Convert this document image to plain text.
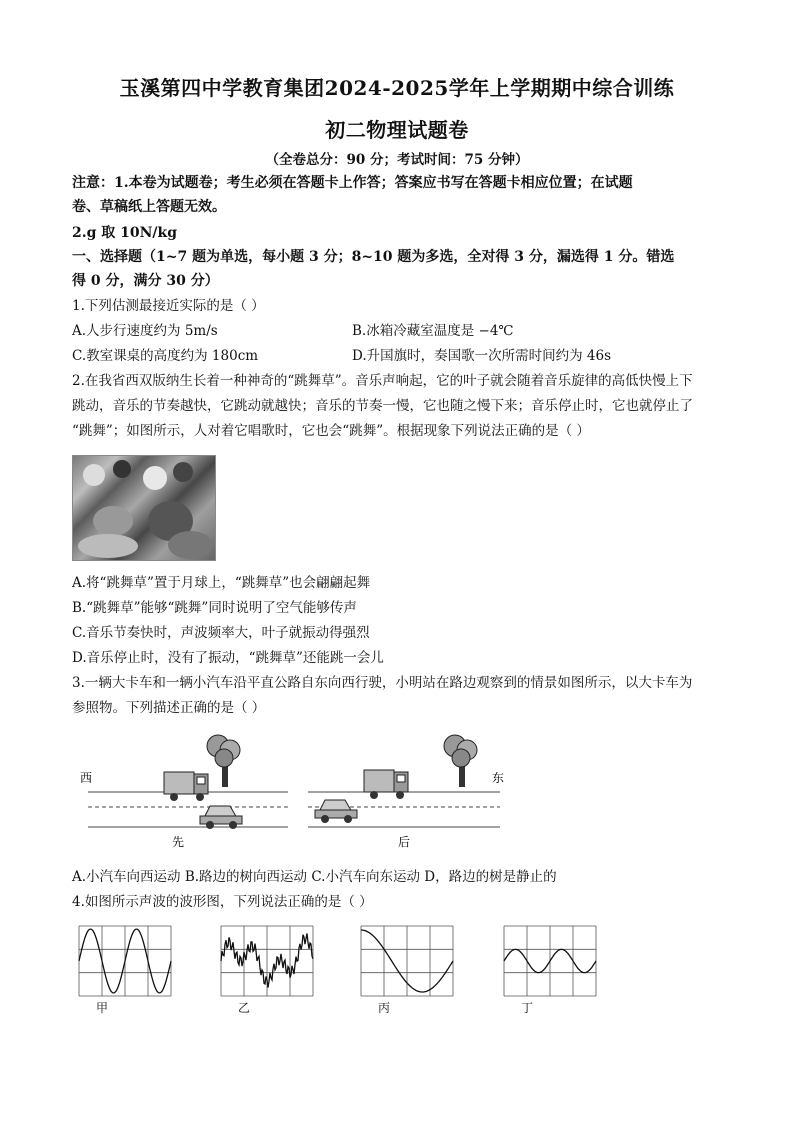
玉溪第四中学教育集团2024-2025学年上学期期中综合训练
初二物理试题卷
（全卷总分：90 分；考试时间：75 分钟）
注意：1.本卷为试题卷；考生必须在答题卡上作答；答案应书写在答题卡相应位置；在试题
卷、草稿纸上答题无效。
2.g 取 10N/kg
一、选择题（1~7 题为单选，每小题 3 分；8~10 题为多选，全对得 3 分，漏选得 1 分。错选
得 0 分，满分 30 分）
1.下列估测最接近实际的是（ ）
A.人步行速度约为 5m/s	B.冰箱冷藏室温度是 −4℃
C.教室课桌的高度约为 180cm	D.升国旗时，奏国歌一次所需时间约为 46s
2.在我省西双版纳生长着一种神奇的“跳舞草”。音乐声响起，它的叶子就会随着音乐旋律的高低快慢上下
跳动，音乐的节奏越快，它跳动就越快；音乐的节奏一慢，它也随之慢下来；音乐停止时，它也就停止了
“跳舞”；如图所示，人对着它唱歌时，它也会“跳舞”。根据现象下列说法正确的是（ ）
A.将“跳舞草”置于月球上，“跳舞草”也会翩翩起舞
B.“跳舞草”能够“跳舞”同时说明了空气能够传声
C.音乐节奏快时，声波频率大，叶子就振动得强烈
D.音乐停止时，没有了振动，“跳舞草”还能跳一会儿
3.一辆大卡车和一辆小汽车沿平直公路自东向西行驶，小明站在路边观察到的情景如图所示，以大卡车为
参照物。下列描述正确的是（ ）
西	东
先	后
A.小汽车向西运动 B.路边的树向西运动 C.小汽车向东运动 D，路边的树是静止的
4.如图所示声波的波形图，下列说法正确的是（ ）
甲	乙	丙	丁
